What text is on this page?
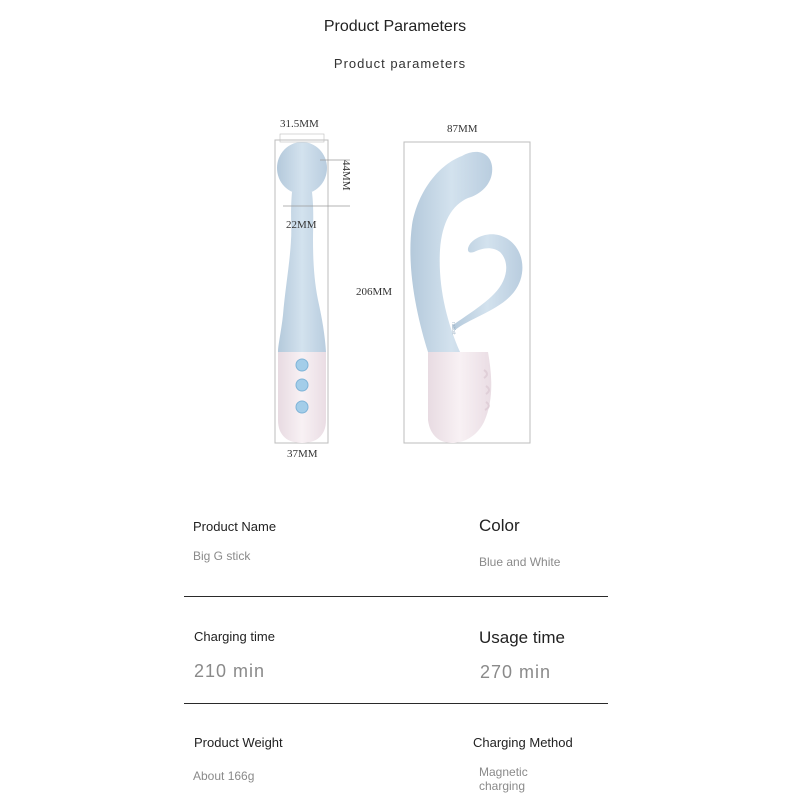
Product Parameters
Product parameters
rabbit
31.5MM
44MM
22MM
37MM
87MM
206MM
Product Name
Big G stick
Color
Blue and White
Charging time
210 min
Usage time
270 min
Product Weight
About 166g
Charging Method
Magnetic charging
